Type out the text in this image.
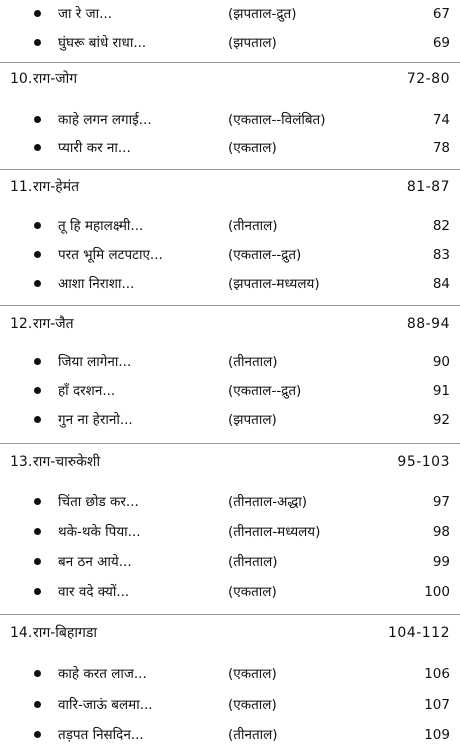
जा रे जा...	(झपताल-द्रुत)	67
घुंघरू बांधे राधा...	(झपताल)	69
10. राग-जोग	72-80
काहे लगन लगाई...	(एकताल--विलंबित)	74
प्यारी कर ना...	(एकताल)	78
11. राग-हेमंत	81-87
तू हि महालक्ष्मी...	(तीनताल)	82
परत भूमि लटपटाए...	(एकताल--द्रुत)	83
आशा निराशा...	(झपताल-मध्यलय)	84
12. राग-जैत	88-94
जिया लागेना...	(तीनताल)	90
हाँ दरशन...	(एकताल--द्रुत)	91
गुन ना हेरानो...	(झपताल)	92
13. राग-चारुकेशी	95-103
चिंता छोड कर...	(तीनताल-अद्धा)	97
थके-थके पिया...	(तीनताल-मध्यलय)	98
बन ठन आये...	(तीनताल)	99
वार वदे क्यों...	(एकताल)	100
14. राग-बिहागडा	104-112
काहे करत लाज...	(एकताल)	106
वारि-जाऊं बलमा...	(एकताल)	107
तड़पत निसदिन...	(तीनताल)	109
